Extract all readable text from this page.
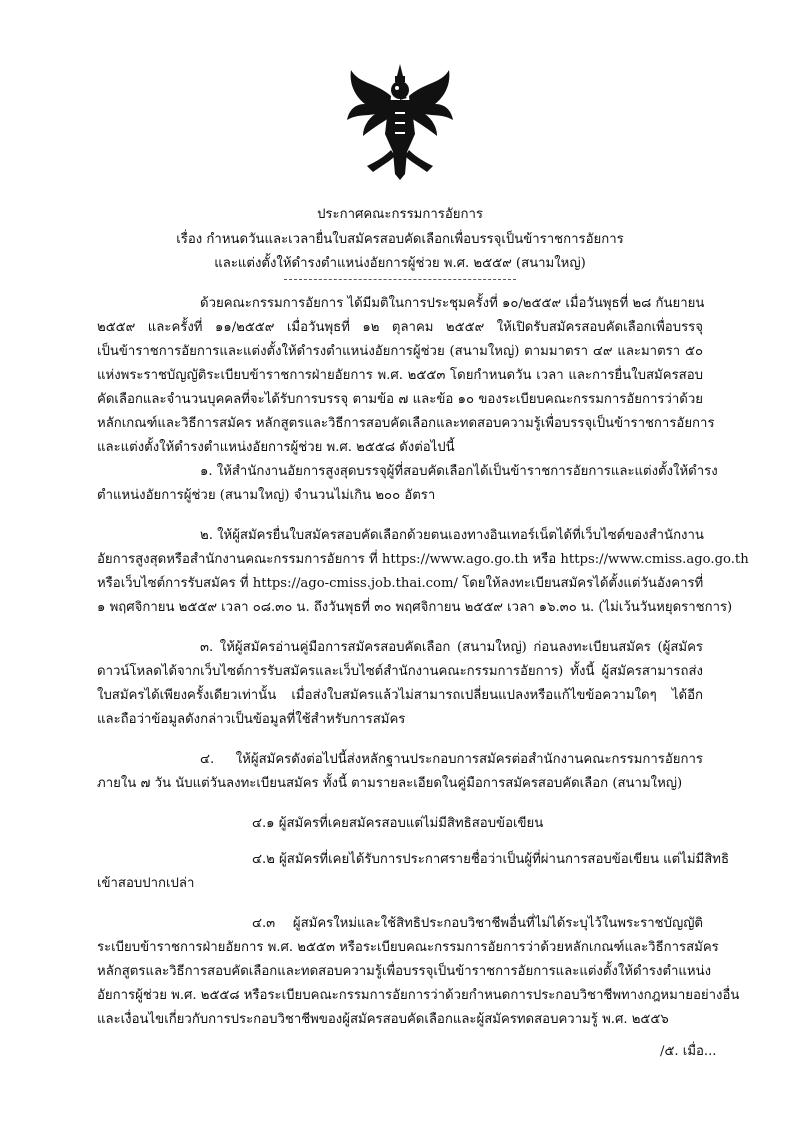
ประกาศคณะกรรมการอัยการ
เรื่อง กำหนดวันและเวลายื่นใบสมัครสอบคัดเลือกเพื่อบรรจุเป็นข้าราชการอัยการ
และแต่งตั้งให้ดำรงตำแหน่งอัยการผู้ช่วย พ.ศ. ๒๕๕๙ (สนามใหญ่)
ด้วยคณะกรรมการอัยการ ได้มีมติในการประชุมครั้งที่ ๑๐/๒๕๕๙ เมื่อวันพุธที่ ๒๘ กันยายน
๒๕๕๙ และครั้งที่ ๑๑/๒๕๕๙ เมื่อวันพุธที่ ๑๒ ตุลาคม ๒๕๕๙ ให้เปิดรับสมัครสอบคัดเลือกเพื่อบรรจุ
เป็นข้าราชการอัยการและแต่งตั้งให้ดำรงตำแหน่งอัยการผู้ช่วย (สนามใหญ่) ตามมาตรา ๔๙ และมาตรา ๕๐
แห่งพระราชบัญญัติระเบียบข้าราชการฝ่ายอัยการ พ.ศ. ๒๕๕๓ โดยกำหนดวัน เวลา และการยื่นใบสมัครสอบ
คัดเลือกและจำนวนบุคคลที่จะได้รับการบรรจุ ตามข้อ ๗ และข้อ ๑๐ ของระเบียบคณะกรรมการอัยการว่าด้วย
หลักเกณฑ์และวิธีการสมัคร หลักสูตรและวิธีการสอบคัดเลือกและทดสอบความรู้เพื่อบรรจุเป็นข้าราชการอัยการ
และแต่งตั้งให้ดำรงตำแหน่งอัยการผู้ช่วย พ.ศ. ๒๕๕๘ ดังต่อไปนี้
๑. ให้สำนักงานอัยการสูงสุดบรรจุผู้ที่สอบคัดเลือกได้เป็นข้าราชการอัยการและแต่งตั้งให้ดำรง
ตำแหน่งอัยการผู้ช่วย (สนามใหญ่) จำนวนไม่เกิน ๒๐๐ อัตรา
๒. ให้ผู้สมัครยื่นใบสมัครสอบคัดเลือกด้วยตนเองทางอินเทอร์เน็ตได้ที่เว็บไซต์ของสำนักงาน
อัยการสูงสุดหรือสำนักงานคณะกรรมการอัยการ ที่ https://www.ago.go.th หรือ https://www.cmiss.ago.go.th
หรือเว็บไซต์การรับสมัคร ที่ https://ago-cmiss.job.thai.com/ โดยให้ลงทะเบียนสมัครได้ตั้งแต่วันอังคารที่
๑ พฤศจิกายน ๒๕๕๙ เวลา ๐๘.๓๐ น. ถึงวันพุธที่ ๓๐ พฤศจิกายน ๒๕๕๙ เวลา ๑๖.๓๐ น. (ไม่เว้นวันหยุดราชการ)
๓. ให้ผู้สมัครอ่านคู่มือการสมัครสอบคัดเลือก (สนามใหญ่) ก่อนลงทะเบียนสมัคร (ผู้สมัคร
ดาวน์โหลดได้จากเว็บไซต์การรับสมัครและเว็บไซต์สำนักงานคณะกรรมการอัยการ) ทั้งนี้ ผู้สมัครสามารถส่ง
ใบสมัครได้เพียงครั้งเดียวเท่านั้น เมื่อส่งใบสมัครแล้วไม่สามารถเปลี่ยนแปลงหรือแก้ไขข้อความใดๆ ได้อีก
และถือว่าข้อมูลดังกล่าวเป็นข้อมูลที่ใช้สำหรับการสมัคร
๔. ให้ผู้สมัครดังต่อไปนี้ส่งหลักฐานประกอบการสมัครต่อสำนักงานคณะกรรมการอัยการ
ภายใน ๗ วัน นับแต่วันลงทะเบียนสมัคร ทั้งนี้ ตามรายละเอียดในคู่มือการสมัครสอบคัดเลือก (สนามใหญ่)
๔.๑ ผู้สมัครที่เคยสมัครสอบแต่ไม่มีสิทธิสอบข้อเขียน
๔.๒ ผู้สมัครที่เคยได้รับการประกาศรายชื่อว่าเป็นผู้ที่ผ่านการสอบข้อเขียน แต่ไม่มีสิทธิ
เข้าสอบปากเปล่า
๔.๓ ผู้สมัครใหม่และใช้สิทธิประกอบวิชาชีพอื่นที่ไม่ได้ระบุไว้ในพระราชบัญญัติ
ระเบียบข้าราชการฝ่ายอัยการ พ.ศ. ๒๕๕๓ หรือระเบียบคณะกรรมการอัยการว่าด้วยหลักเกณฑ์และวิธีการสมัคร
หลักสูตรและวิธีการสอบคัดเลือกและทดสอบความรู้เพื่อบรรจุเป็นข้าราชการอัยการและแต่งตั้งให้ดำรงตำแหน่ง
อัยการผู้ช่วย พ.ศ. ๒๕๕๘ หรือระเบียบคณะกรรมการอัยการว่าด้วยกำหนดการประกอบวิชาชีพทางกฎหมายอย่างอื่น
และเงื่อนไขเกี่ยวกับการประกอบวิชาชีพของผู้สมัครสอบคัดเลือกและผู้สมัครทดสอบความรู้ พ.ศ. ๒๕๕๖
/๕. เมื่อ...
